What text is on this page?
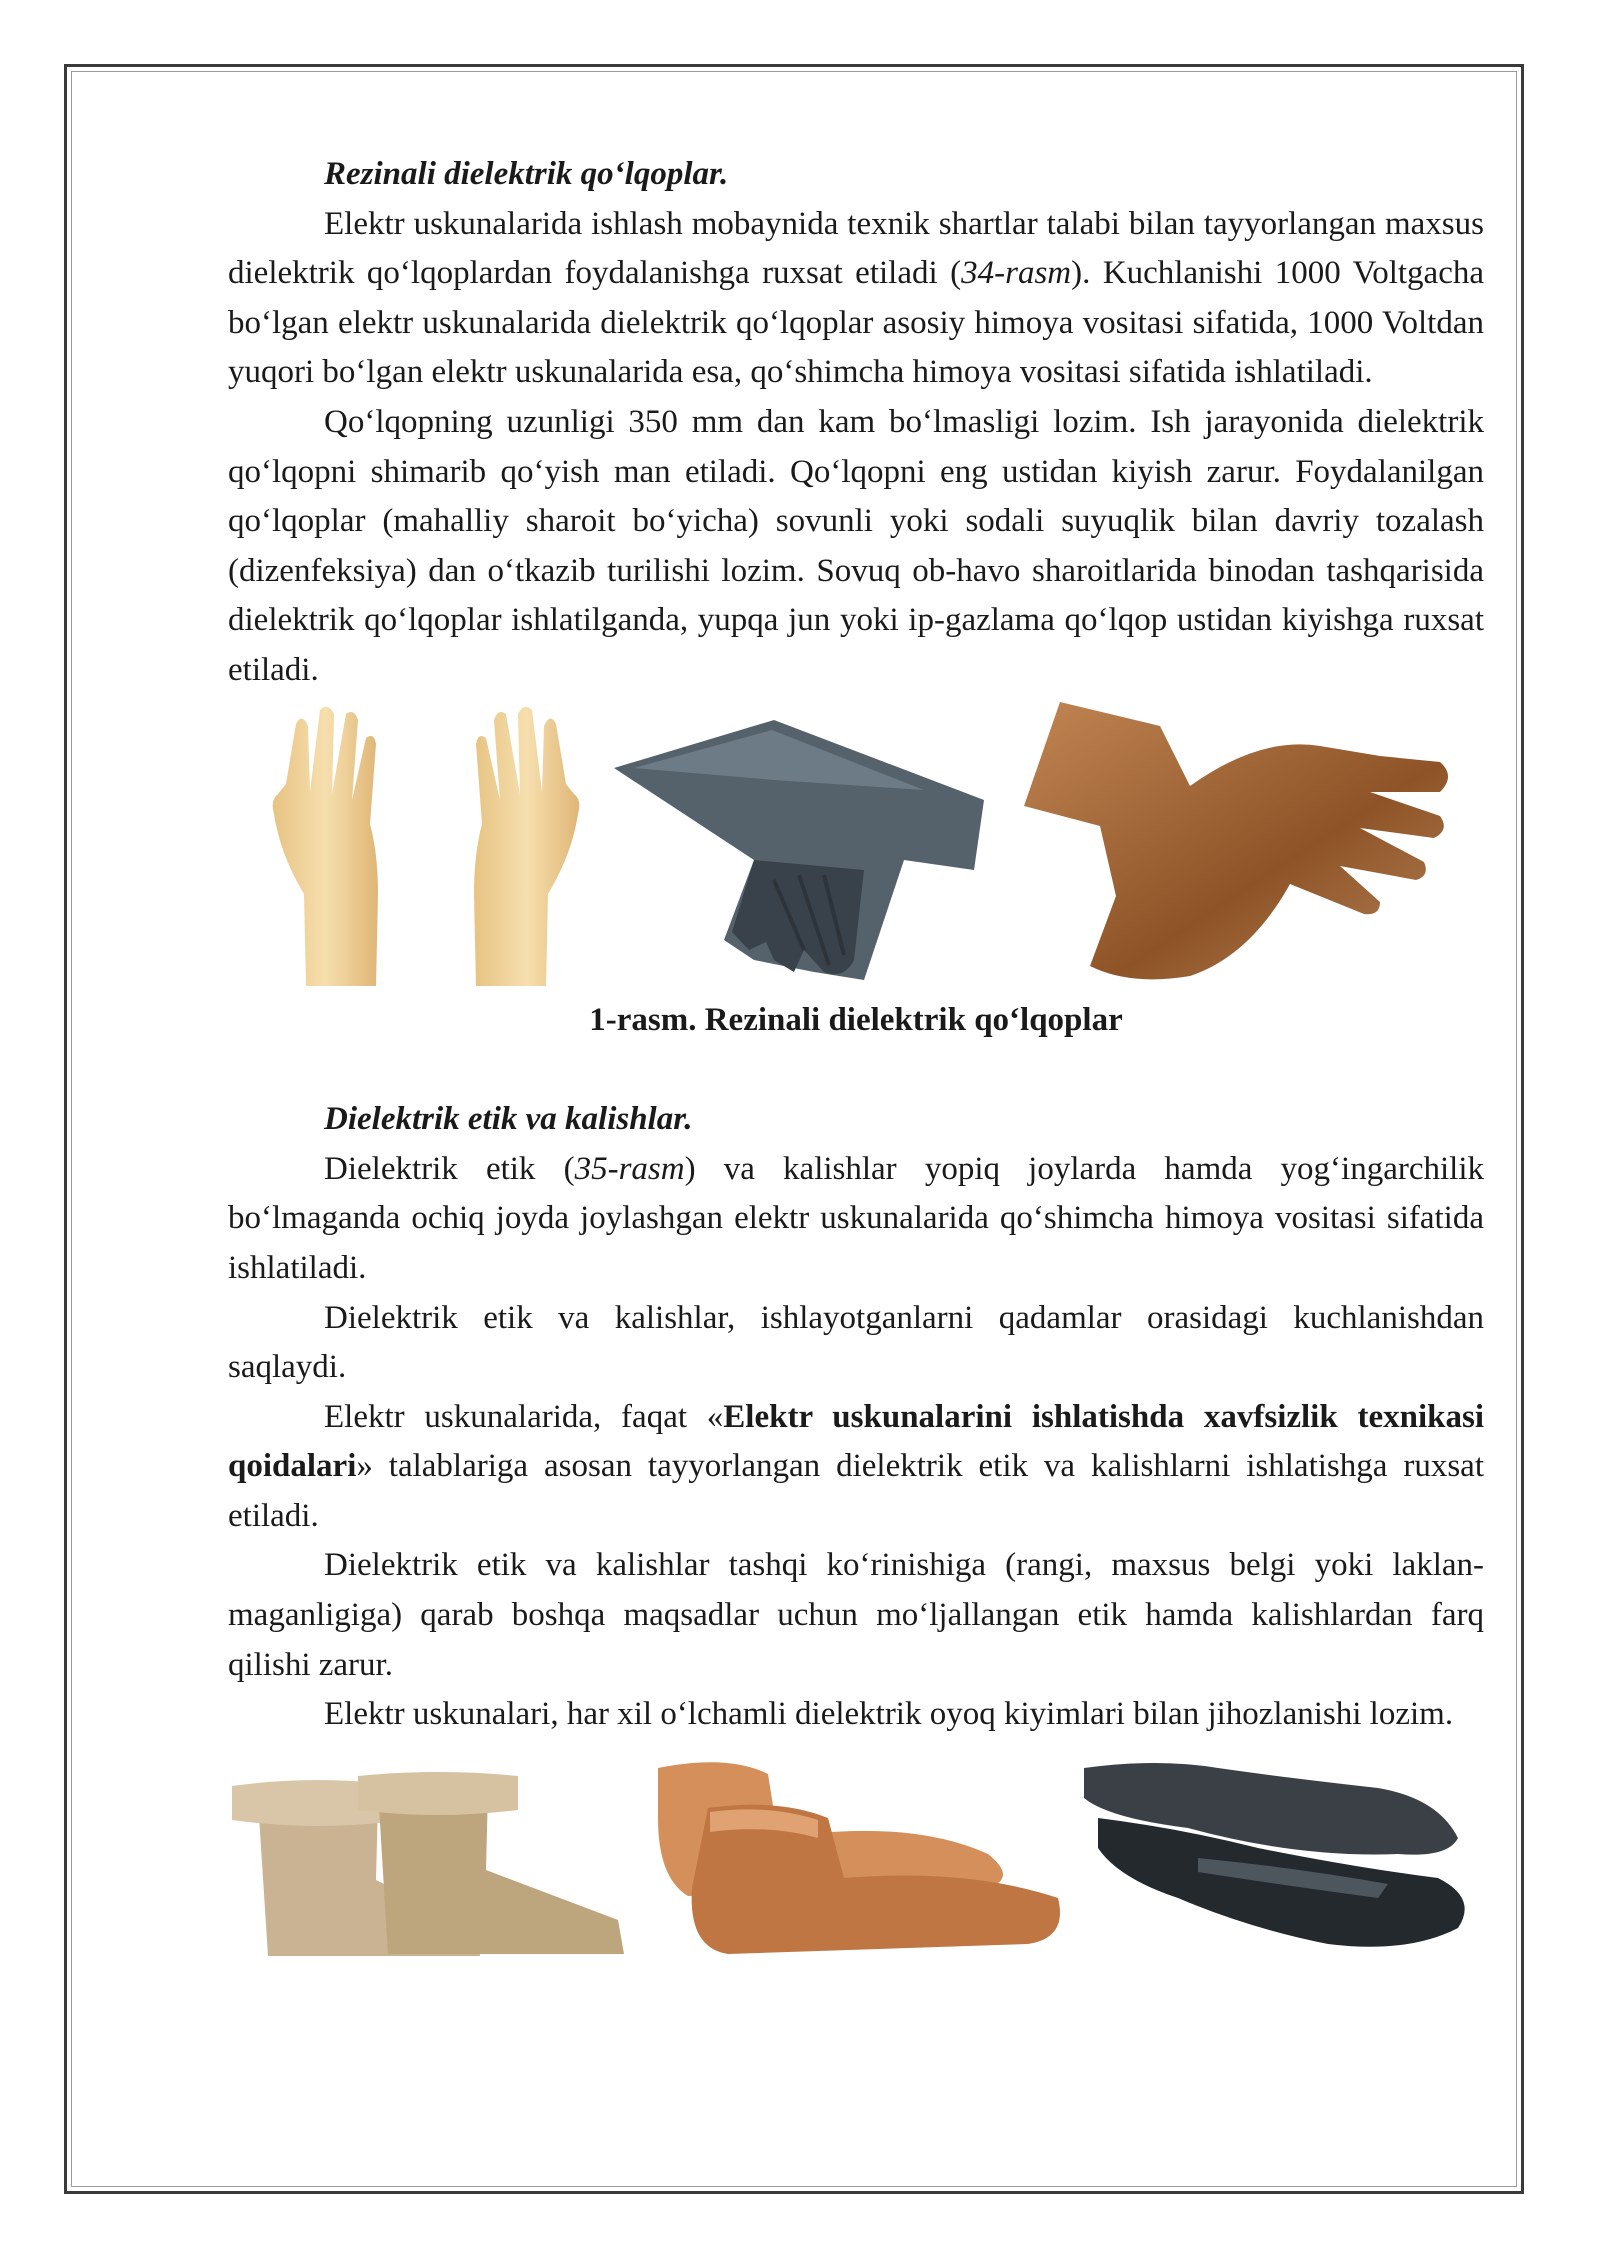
Rezinali dielektrik qo‘lqoplar.

Elektr uskunalarida ishlash mobaynida texnik shartlar talabi bilan tayyorlangan maxsus dielektrik qo‘lqoplardan foydalanishga ruxsat etiladi (34-rasm). Kuchlanishi 1000 Voltgacha bo‘lgan elektr uskunalarida dielektrik qo‘lqoplar asosiy himoya vositasi sifatida, 1000 Voltdan yuqori bo‘lgan elektr uskunalarida esa, qo‘shimcha himoya vositasi sifatida ishlatiladi.

Qo‘lqopning uzunligi 350 mm dan kam bo‘lmasligi lozim. Ish jarayonida dielektrik qo‘lqopni shimarib qo‘yish man etiladi. Qo‘lqopni eng ustidan kiyish zarur. Foydalanilgan qo‘lqoplar (mahalliy sharoit bo‘yicha) sovunli yoki sodali suyuqlik bilan davriy tozalash (dizenfeksiya) dan o‘tkazib turilishi lozim. Sovuq ob-havo sharoitlarida binodan tashqarisida dielektrik qo‘lqoplar ishlatilganda, yupqa jun yoki ip-gazlama qo‘lqop ustidan kiyishga ruxsat etiladi.

1-rasm. Rezinali dielektrik qo‘lqoplar

Dielektrik etik va kalishlar.

Dielektrik etik (35-rasm) va kalishlar yopiq joylarda hamda yog‘ingarchilik bo‘lmaganda ochiq joyda joylashgan elektr uskunalarida qo‘shimcha himoya vositasi sifatida ishlatiladi.

Dielektrik etik va kalishlar, ishlayotganlarni qadamlar orasidagi kuchlanishdan saqlaydi.

Elektr uskunalarida, faqat «Elektr uskunalarini ishlatishda xavfsizlik texnikasi qoidalari» talablariga asosan tayyorlangan dielektrik etik va kalishlarni ishlatishga ruxsat etiladi.

Dielektrik etik va kalishlar tashqi ko‘rinishiga (rangi, maxsus belgi yoki laklan-maganligiga) qarab boshqa maqsadlar uchun mo‘ljallangan etik hamda kalishlardan farq qilishi zarur.

Elektr uskunalari, har xil o‘lchamli dielektrik oyoq kiyimlari bilan jihozlanishi lozim.
